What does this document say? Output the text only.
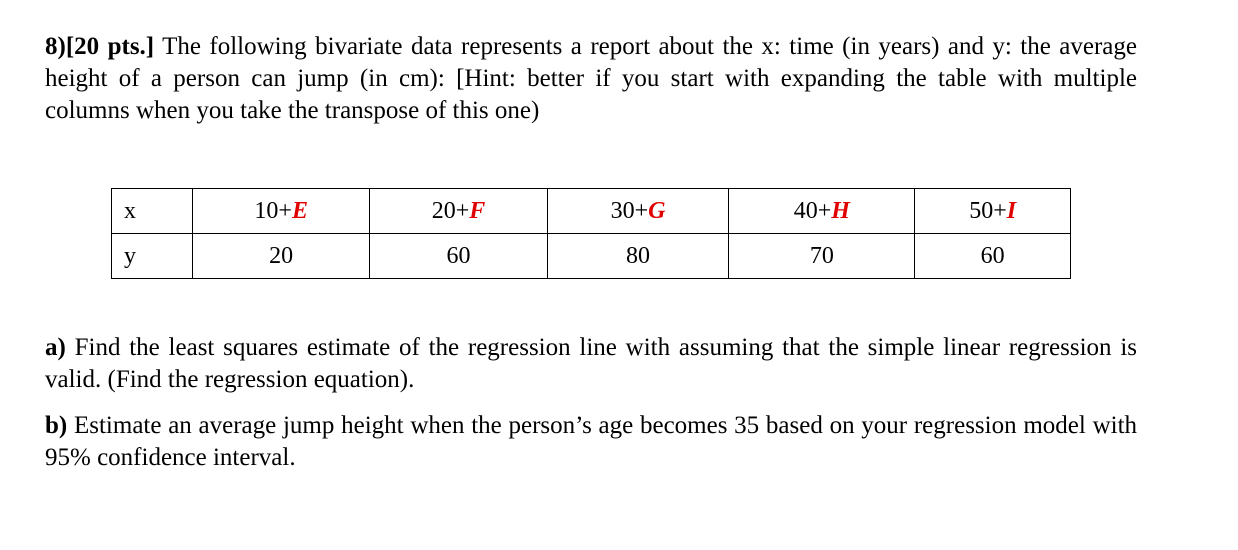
8)[20 pts.] The following bivariate data represents a report about the x: time (in years) and y: the average height of a person can jump (in cm): [Hint: better if you start with expanding the table with multiple columns when you take the transpose of this one)
x	10+E	20+F	30+G	40+H	50+I
y	20	60	80	70	60
a) Find the least squares estimate of the regression line with assuming that the simple linear regression is valid. (Find the regression equation).
b) Estimate an average jump height when the person’s age becomes 35 based on your regression model with 95% confidence interval.
